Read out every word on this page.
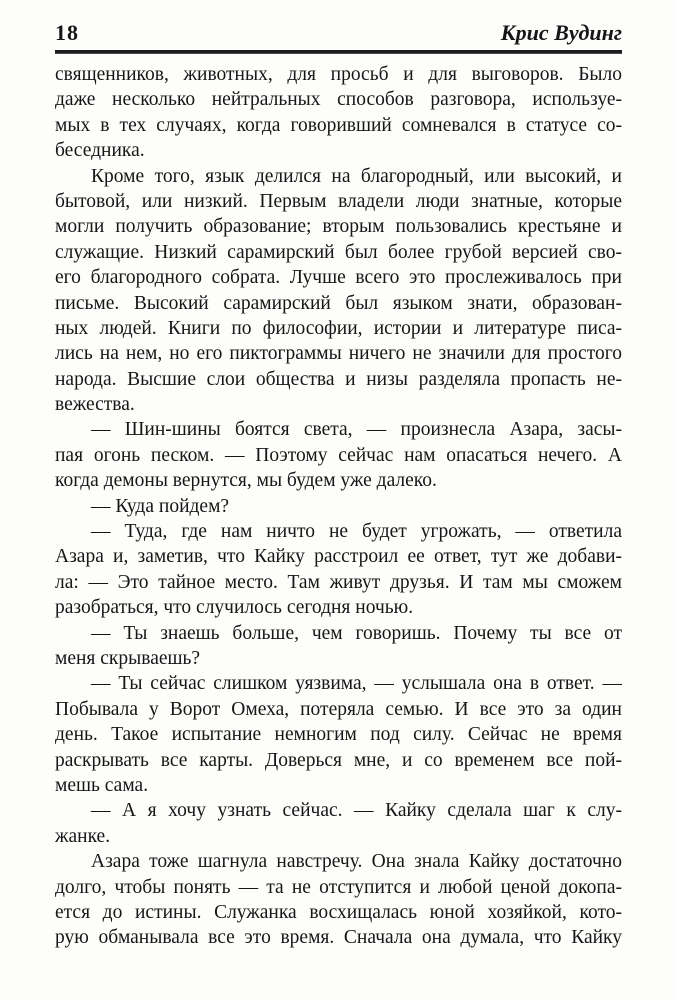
18	Крис Вудинг
священников, животных, для просьб и для выговоров. Было
даже несколько нейтральных способов разговора, используе-
мых в тех случаях, когда говоривший сомневался в статусе со-
беседника.
Кроме того, язык делился на благородный, или высокий, и
бытовой, или низкий. Первым владели люди знатные, которые
могли получить образование; вторым пользовались крестьяне и
служащие. Низкий сарамирский был более грубой версией сво-
его благородного собрата. Лучше всего это прослеживалось при
письме. Высокий сарамирский был языком знати, образован-
ных людей. Книги по философии, истории и литературе писа-
лись на нем, но его пиктограммы ничего не значили для простого
народа. Высшие слои общества и низы разделяла пропасть не-
вежества.
— Шин-шины боятся света, — произнесла Азара, засы-
пая огонь песком. — Поэтому сейчас нам опасаться нечего. А
когда демоны вернутся, мы будем уже далеко.
— Куда пойдем?
— Туда, где нам ничто не будет угрожать, — ответила
Азара и, заметив, что Кайку расстроил ее ответ, тут же добави-
ла: — Это тайное место. Там живут друзья. И там мы сможем
разобраться, что случилось сегодня ночью.
— Ты знаешь больше, чем говоришь. Почему ты все от
меня скрываешь?
— Ты сейчас слишком уязвима, — услышала она в ответ. —
Побывала у Ворот Омеха, потеряла семью. И все это за один
день. Такое испытание немногим под силу. Сейчас не время
раскрывать все карты. Доверься мне, и со временем все пой-
мешь сама.
— А я хочу узнать сейчас. — Кайку сделала шаг к слу-
жанке.
Азара тоже шагнула навстречу. Она знала Кайку достаточно
долго, чтобы понять — та не отступится и любой ценой докопа-
ется до истины. Служанка восхищалась юной хозяйкой, кото-
рую обманывала все это время. Сначала она думала, что Кайку
